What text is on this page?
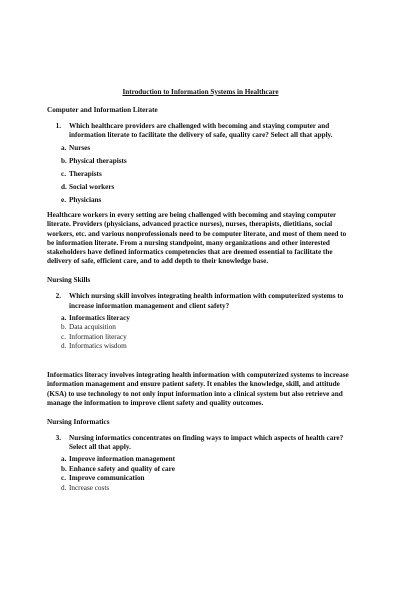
Introduction to Information Systems in Healthcare
Computer and Information Literate
1.	Which healthcare providers are challenged with becoming and staying computer and information literate to facilitate the delivery of safe, quality care? Select all that apply.
a. Nurses
b. Physical therapists
c. Therapists
d. Social workers
e. Physicians
Healthcare workers in every setting are being challenged with becoming and staying computer literate. Providers (physicians, advanced practice nurses), nurses, therapists, dietitians, social workers, etc. and various nonprofessionals need to be computer literate, and most of them need to be information literate. From a nursing standpoint, many organizations and other interested stakeholders have defined informatics competencies that are deemed essential to facilitate the delivery of safe, efficient care, and to add depth to their knowledge base.
Nursing Skills
2.	Which nursing skill involves integrating health information with computerized systems to increase information management and client safety?
a. Informatics literacy
b. Data acquisition
c. Information literacy
d. Informatics wisdom
Informatics literacy involves integrating health information with computerized systems to increase information management and ensure patient safety. It enables the knowledge, skill, and attitude (KSA) to use technology to not only input information into a clinical system but also retrieve and manage the information to improve client safety and quality outcomes.
Nursing Informatics
3.	Nursing informatics concentrates on finding ways to impact which aspects of health care? Select all that apply.
a. Improve information management
b. Enhance safety and quality of care
c. Improve communication
d. Increase costs
